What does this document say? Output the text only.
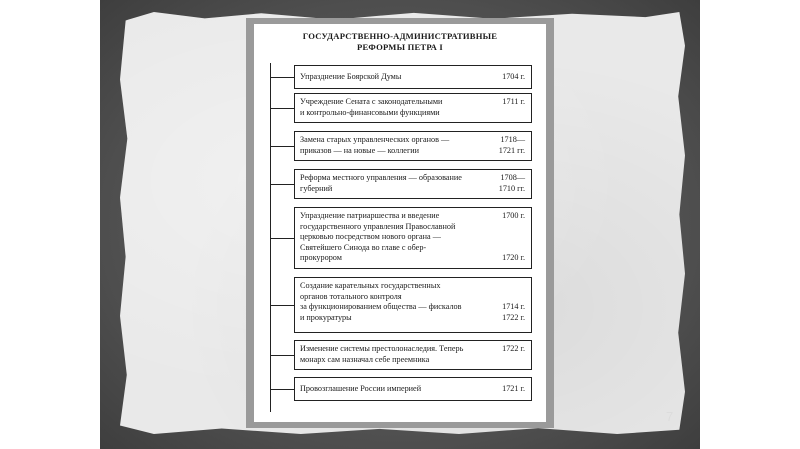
ГОСУДАРСТВЕННО-АДМИНИСТРАТИВНЫЕ
РЕФОРМЫ ПЕТРА I
Упразднение Боярской Думы	1704 г.
Учреждение Сената с законодательными
и контрольно-финансовыми функциями
1711 г.
Замена старых управленческих органов —
приказов — на новые — коллегии
1718—
1721 гг.
Реформа местного управления — образование
губерний
1708—
1710 гг.
Упразднение патриаршества и введение
государственного управления Православной
церковью посредством нового органа —
Святейшего Синода во главе с обер-
прокурором
1700 г.

1720 г.
Создание карательных государственных
органов тотального контроля
за функционированием общества — фискалов
и прокуратуры

1714 г.
1722 г.
Изменение системы престолонаследия. Теперь
монарх сам назначал себе преемника
1722 г.
Провозглашение России империей	1721 г.
7
